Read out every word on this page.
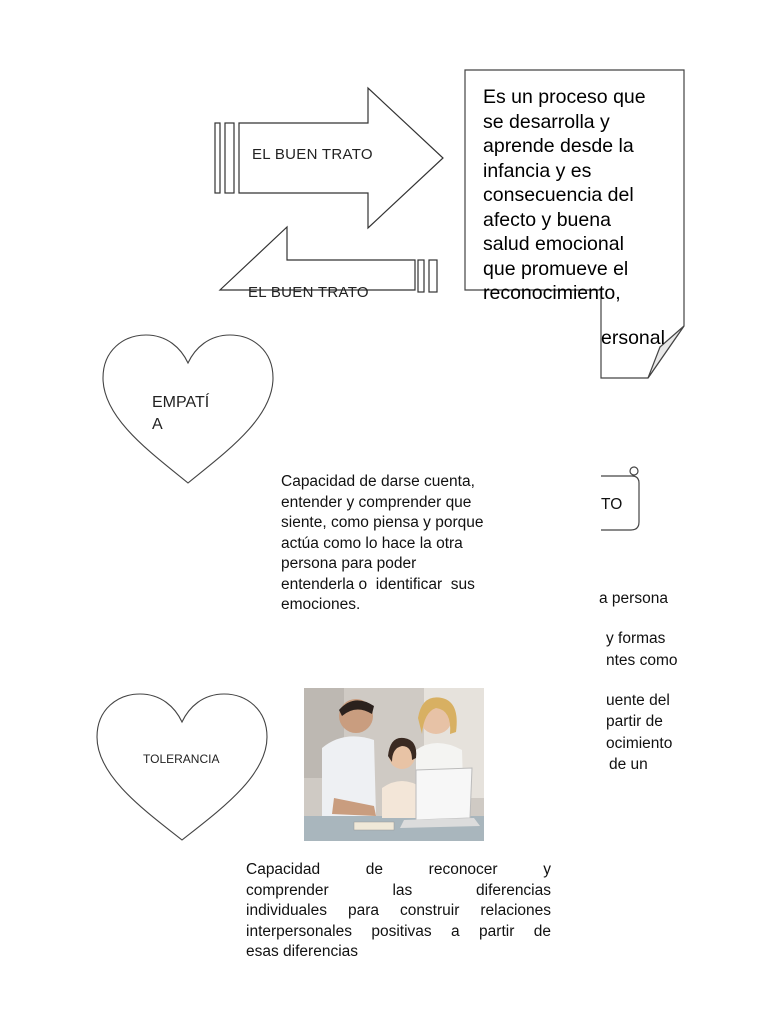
EL BUEN TRATO
EL BUEN TRATO
Es un proceso que
se desarrolla y
aprende desde la
infancia y es
consecuencia del
afecto y buena
salud emocional
que promueve el
reconocimiento,
ersonal
TO
a persona
y formas
ntes como
uente del
partir de
ocimiento
de un
EMPATÍ
A
Capacidad de darse cuenta,
entender y comprender que
siente, como piensa y porque
actúa como lo hace la otra
persona para poder
entenderla o  identificar  sus
emociones.
TOLERANCIA
Capacidad de reconocer y
comprender las diferencias
individuales para construir relaciones
interpersonales positivas a partir de
esas diferencias
